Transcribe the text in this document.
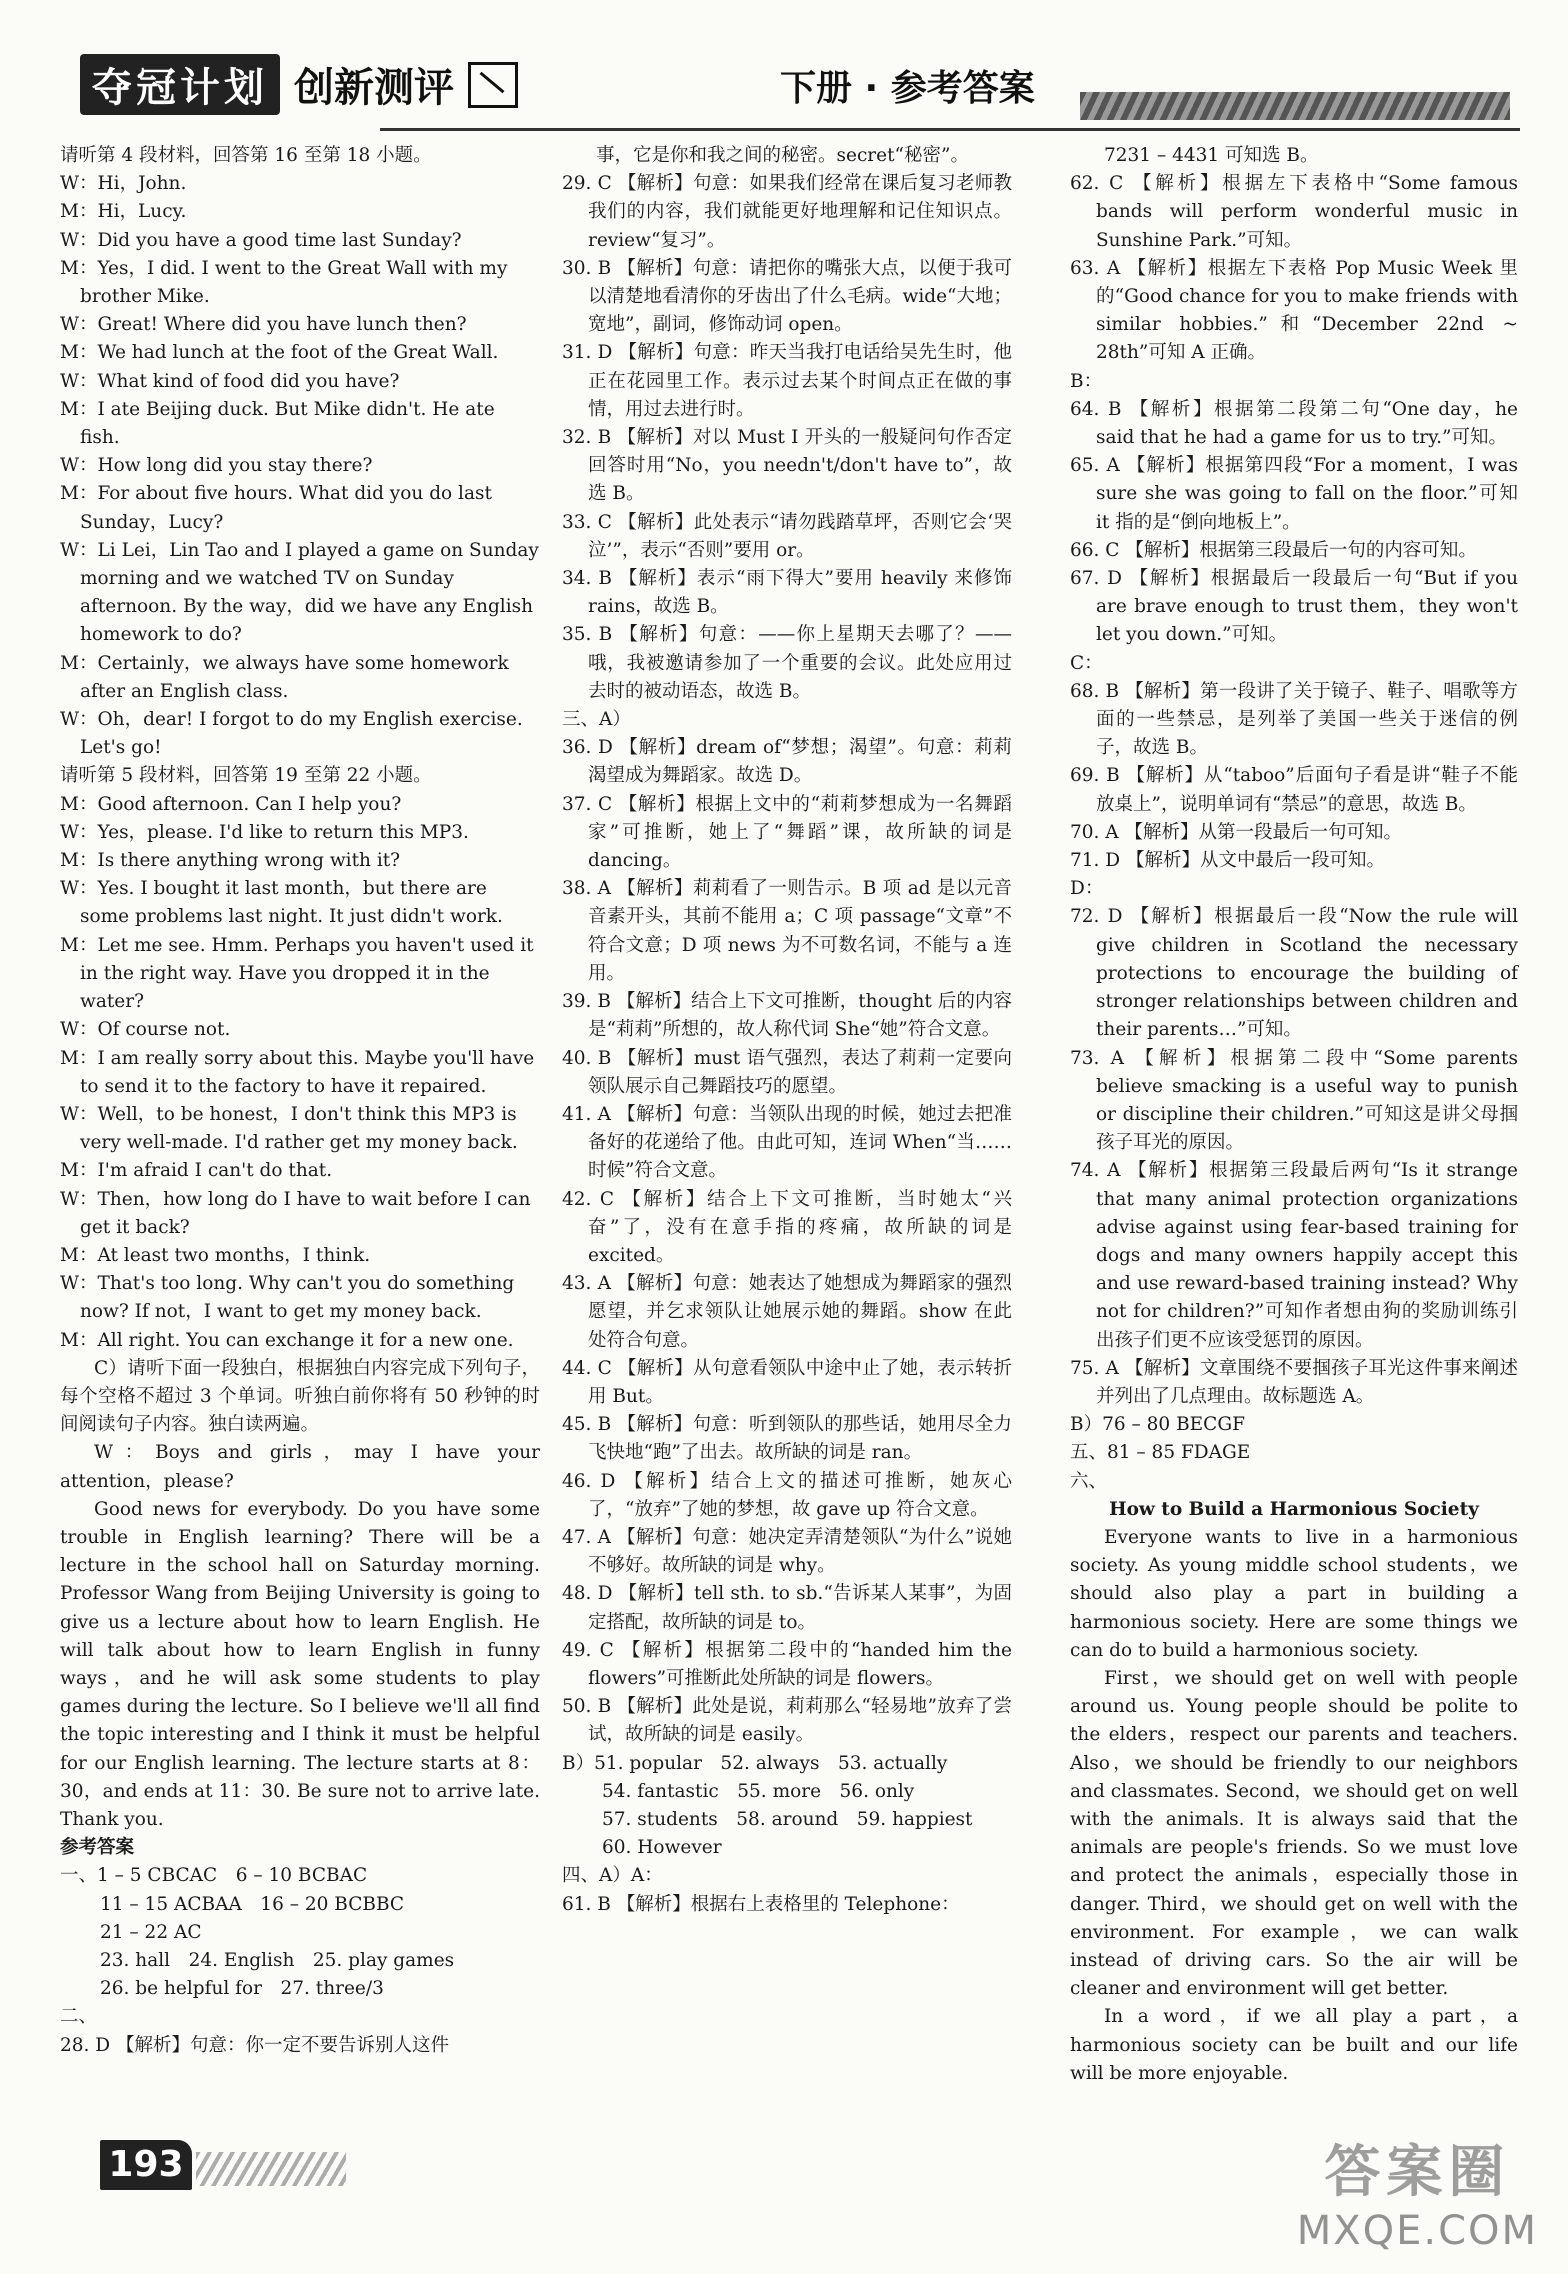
夺冠计划 创新测评	下册 · 参考答案

请听第 4 段材料，回答第 16 至第 18 小题。

W：Hi，John.

M：Hi，Lucy.

W：Did you have a good time last Sunday?

M：Yes，I did. I went to the Great Wall with my brother Mike.

W：Great! Where did you have lunch then?

M：We had lunch at the foot of the Great Wall.

W：What kind of food did you have?

M：I ate Beijing duck. But Mike didn't. He ate fish.

W：How long did you stay there?

M：For about five hours. What did you do last Sunday，Lucy?

W：Li Lei，Lin Tao and I played a game on Sunday morning and we watched TV on Sunday afternoon. By the way，did we have any English homework to do?

M：Certainly，we always have some homework after an English class.

W：Oh，dear! I forgot to do my English exercise. Let's go!

请听第 5 段材料，回答第 19 至第 22 小题。

M：Good afternoon. Can I help you?

W：Yes，please. I'd like to return this MP3.

M：Is there anything wrong with it?

W：Yes. I bought it last month，but there are some problems last night. It just didn't work.

M：Let me see. Hmm. Perhaps you haven't used it in the right way. Have you dropped it in the water?

W：Of course not.

M：I am really sorry about this. Maybe you'll have to send it to the factory to have it repaired.

W：Well，to be honest，I don't think this MP3 is very well-made. I'd rather get my money back.

M：I'm afraid I can't do that.

W：Then，how long do I have to wait before I can get it back?

M：At least two months，I think.

W：That's too long. Why can't you do something now? If not，I want to get my money back.

M：All right. You can exchange it for a new one.

C）请听下面一段独白，根据独白内容完成下列句子，每个空格不超过 3 个单词。听独白前你将有 50 秒钟的时间阅读句子内容。独白读两遍。

W：Boys and girls，may I have your attention，please?

Good news for everybody. Do you have some trouble in English learning? There will be a lecture in the school hall on Saturday morning. Professor Wang from Beijing University is going to give us a lecture about how to learn English. He will talk about how to learn English in funny ways，and he will ask some students to play games during the lecture. So I believe we'll all find the topic interesting and I think it must be helpful for our English learning. The lecture starts at 8：30，and ends at 11：30. Be sure not to arrive late. Thank you.

参考答案

一、1 – 5 CBCAC　6 – 10 BCBAC

11 – 15 ACBAA　16 – 20 BCBBC

21 – 22 AC

23. hall　24. English　25. play games

26. be helpful for　27. three/3

二、

28. D 【解析】句意：你一定不要告诉别人这件

事，它是你和我之间的秘密。secret“秘密”。

29. C 【解析】句意：如果我们经常在课后复习老师教我们的内容，我们就能更好地理解和记住知识点。review“复习”。

30. B 【解析】句意：请把你的嘴张大点，以便于我可以清楚地看清你的牙齿出了什么毛病。wide“大地；宽地”，副词，修饰动词 open。

31. D 【解析】句意：昨天当我打电话给吴先生时，他正在花园里工作。表示过去某个时间点正在做的事情，用过去进行时。

32. B 【解析】对以 Must I 开头的一般疑问句作否定回答时用“No，you needn't/don't have to”，故选 B。

33. C 【解析】此处表示“请勿践踏草坪，否则它会‘哭泣’”，表示“否则”要用 or。

34. B 【解析】表示“雨下得大”要用 heavily 来修饰 rains，故选 B。

35. B 【解析】句意：——你上星期天去哪了？——哦，我被邀请参加了一个重要的会议。此处应用过去时的被动语态，故选 B。

三、A）

36. D 【解析】dream of“梦想；渴望”。句意：莉莉渴望成为舞蹈家。故选 D。

37. C 【解析】根据上文中的“莉莉梦想成为一名舞蹈家”可推断，她上了“舞蹈”课，故所缺的词是 dancing。

38. A 【解析】莉莉看了一则告示。B 项 ad 是以元音音素开头，其前不能用 a；C 项 passage“文章”不符合文意；D 项 news 为不可数名词，不能与 a 连用。

39. B 【解析】结合上下文可推断，thought 后的内容是“莉莉”所想的，故人称代词 She“她”符合文意。

40. B 【解析】must 语气强烈，表达了莉莉一定要向领队展示自己舞蹈技巧的愿望。

41. A 【解析】句意：当领队出现的时候，她过去把准备好的花递给了他。由此可知，连词 When“当……时候”符合文意。

42. C 【解析】结合上下文可推断，当时她太“兴奋”了，没有在意手指的疼痛，故所缺的词是 excited。

43. A 【解析】句意：她表达了她想成为舞蹈家的强烈愿望，并乞求领队让她展示她的舞蹈。show 在此处符合句意。

44. C 【解析】从句意看领队中途中止了她，表示转折用 But。

45. B 【解析】句意：听到领队的那些话，她用尽全力飞快地“跑”了出去。故所缺的词是 ran。

46. D 【解析】结合上文的描述可推断，她灰心了，“放弃”了她的梦想，故 gave up 符合文意。

47. A 【解析】句意：她决定弄清楚领队“为什么”说她不够好。故所缺的词是 why。

48. D 【解析】tell sth. to sb.“告诉某人某事”，为固定搭配，故所缺的词是 to。

49. C 【解析】根据第二段中的“handed him the flowers”可推断此处所缺的词是 flowers。

50. B 【解析】此处是说，莉莉那么“轻易地”放弃了尝试，故所缺的词是 easily。

B）51. popular　52. always　53. actually

54. fantastic　55. more　56. only

57. students　58. around　59. happiest

60. However

四、A）A：

61. B 【解析】根据右上表格里的 Telephone：

7231 – 4431 可知选 B。

62. C 【解析】根据左下表格中“Some famous bands will perform wonderful music in Sunshine Park.”可知。

63. A 【解析】根据左下表格 Pop Music Week 里的“Good chance for you to make friends with similar hobbies.”和“December 22nd ~ 28th”可知 A 正确。

B：

64. B 【解析】根据第二段第二句“One day，he said that he had a game for us to try.”可知。

65. A 【解析】根据第四段“For a moment，I was sure she was going to fall on the floor.”可知 it 指的是“倒向地板上”。

66. C 【解析】根据第三段最后一句的内容可知。

67. D 【解析】根据最后一段最后一句“But if you are brave enough to trust them，they won't let you down.”可知。

C：

68. B 【解析】第一段讲了关于镜子、鞋子、唱歌等方面的一些禁忌，是列举了美国一些关于迷信的例子，故选 B。

69. B 【解析】从“taboo”后面句子看是讲“鞋子不能放桌上”，说明单词有“禁忌”的意思，故选 B。

70. A 【解析】从第一段最后一句可知。

71. D 【解析】从文中最后一段可知。

D：

72. D 【解析】根据最后一段“Now the rule will give children in Scotland the necessary protections to encourage the building of stronger relationships between children and their parents…”可知。

73. A 【解析】根据第二段中“Some parents believe smacking is a useful way to punish or discipline their children.”可知这是讲父母掴孩子耳光的原因。

74. A 【解析】根据第三段最后两句“Is it strange that many animal protection organizations advise against using fear-based training for dogs and many owners happily accept this and use reward-based training instead? Why not for children?”可知作者想由狗的奖励训练引出孩子们更不应该受惩罚的原因。

75. A 【解析】文章围绕不要掴孩子耳光这件事来阐述并列出了几点理由。故标题选 A。

B）76 – 80 BECGF

五、81 – 85 FDAGE

六、

How to Build a Harmonious Society

Everyone wants to live in a harmonious society. As young middle school students，we should also play a part in building a harmonious society. Here are some things we can do to build a harmonious society.

First，we should get on well with people around us. Young people should be polite to the elders，respect our parents and teachers. Also，we should be friendly to our neighbors and classmates. Second，we should get on well with the animals. It is always said that the animals are people's friends. So we must love and protect the animals，especially those in danger. Third，we should get on well with the environment. For example，we can walk instead of driving cars. So the air will be cleaner and environment will get better.

In a word，if we all play a part，a harmonious society can be built and our life will be more enjoyable.

193	答案圈
MXQE.COM
